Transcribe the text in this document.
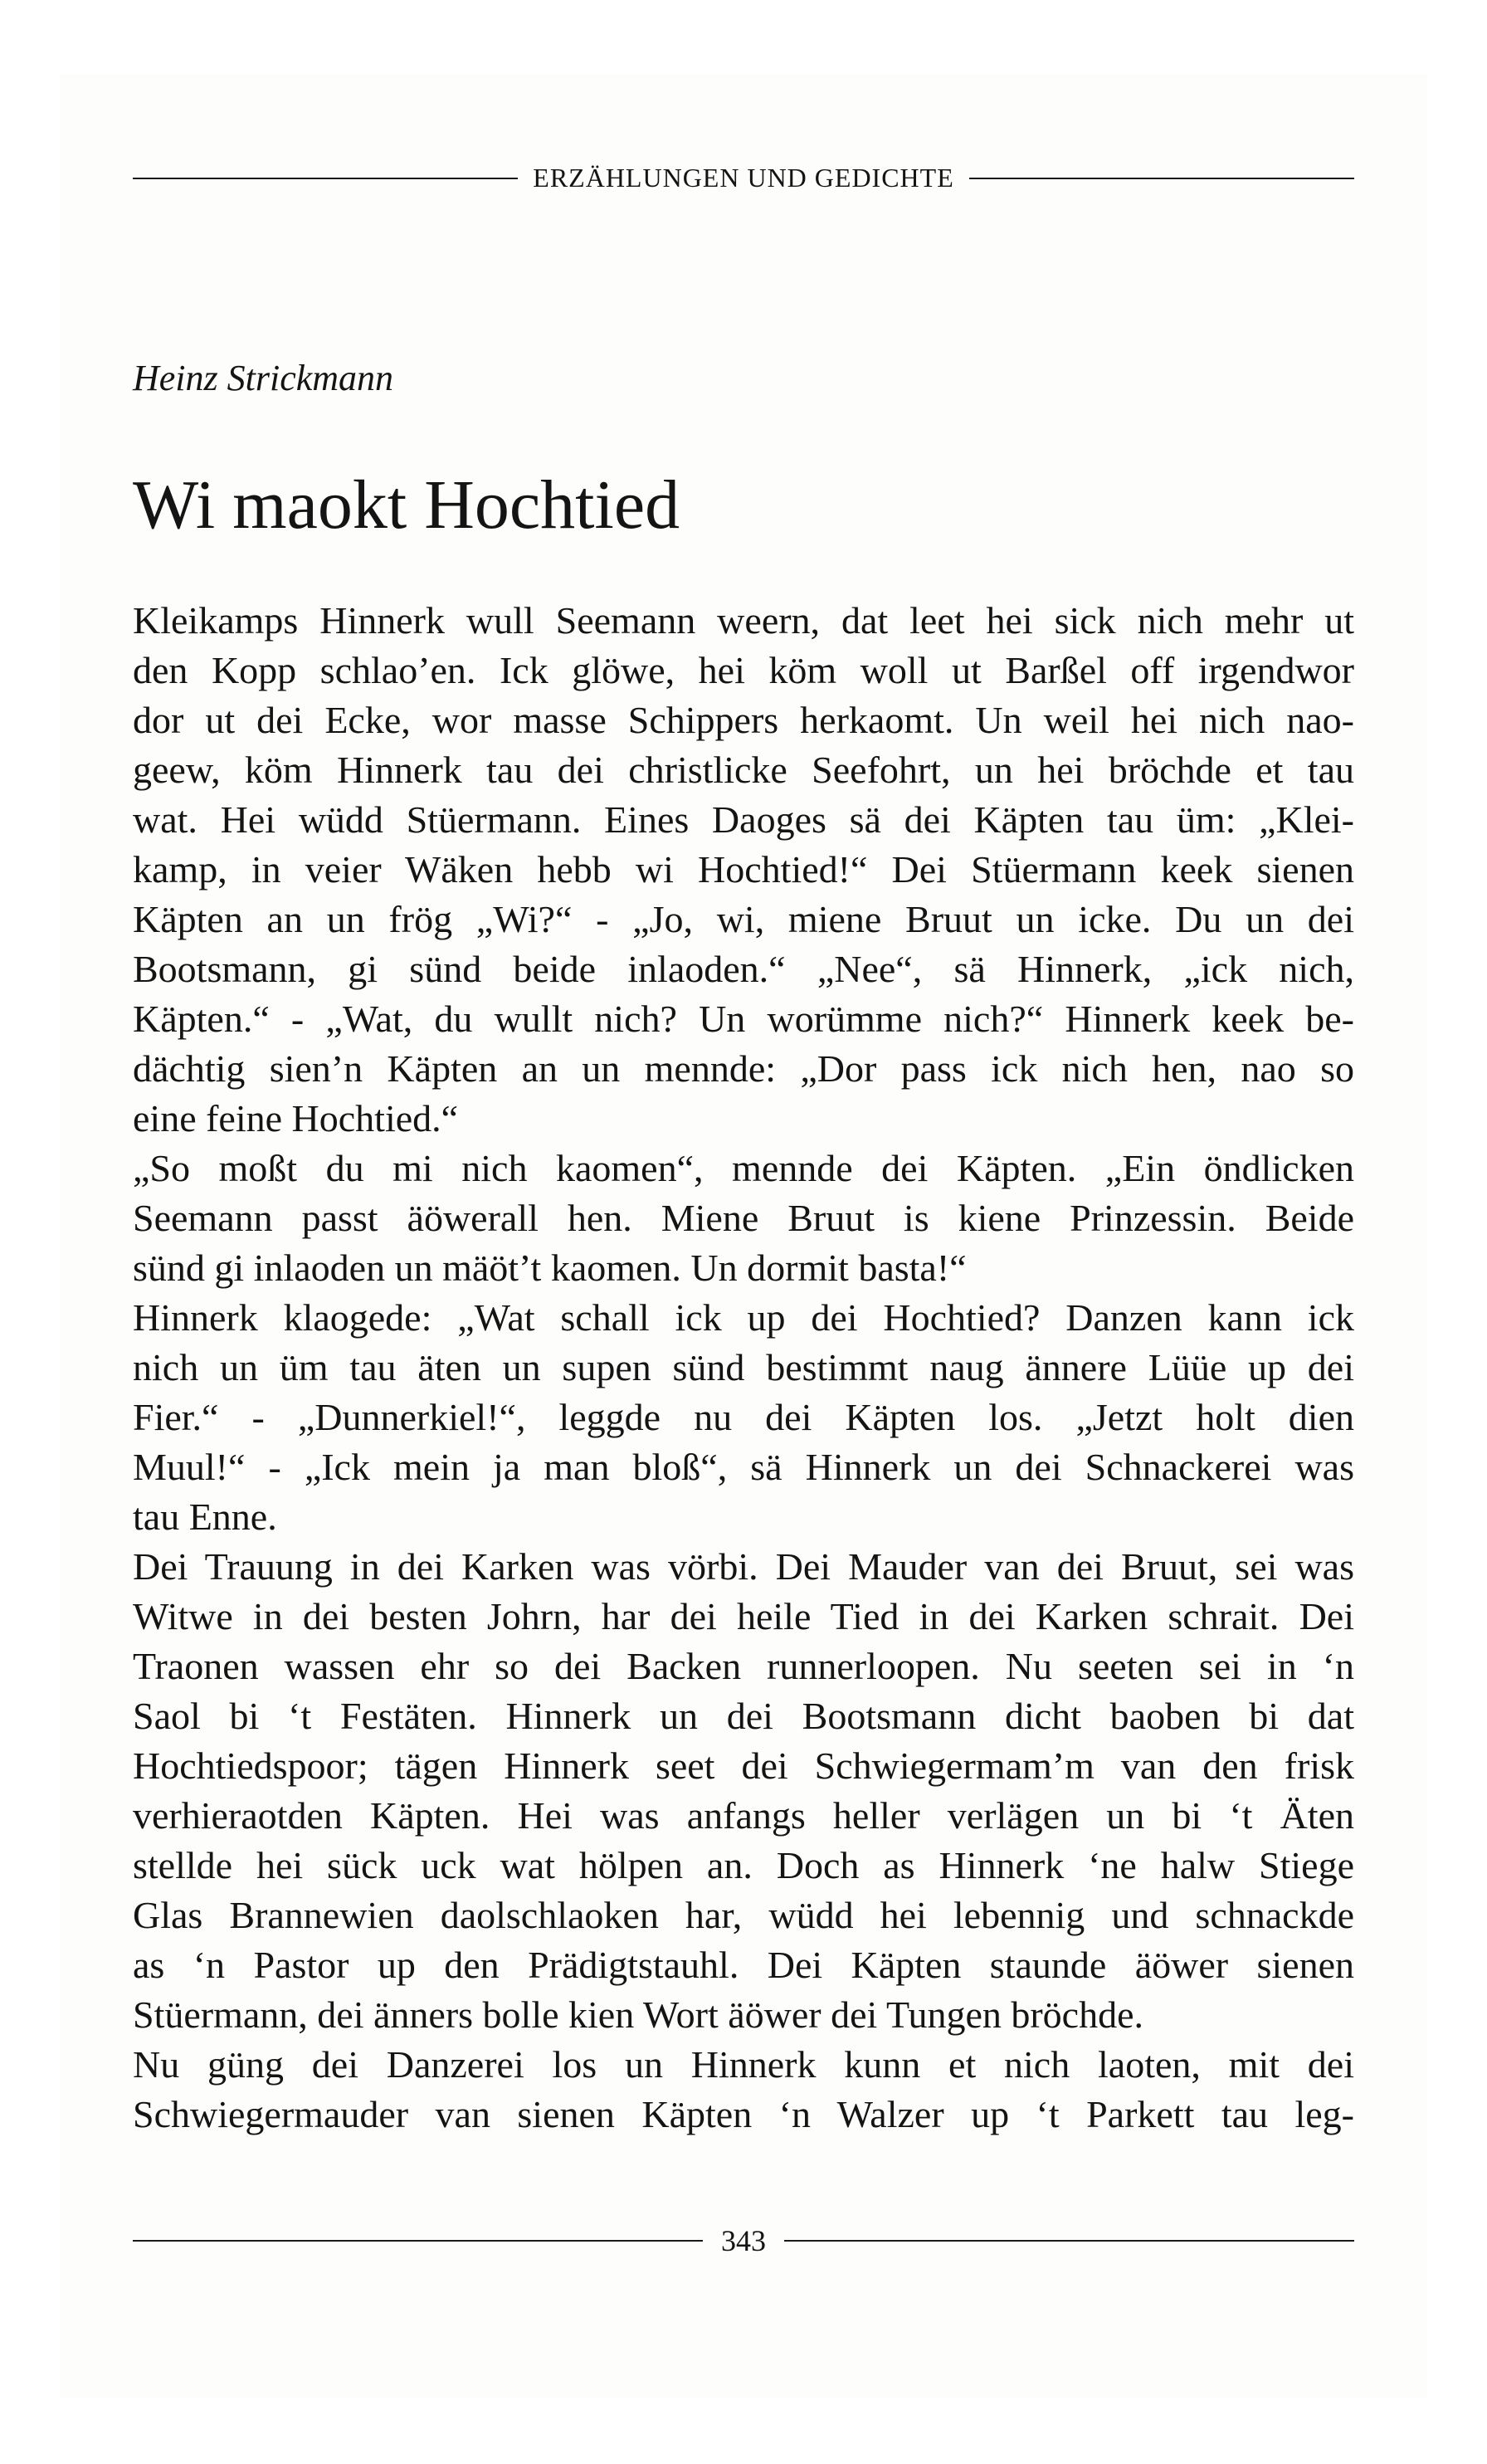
ERZÄHLUNGEN UND GEDICHTE
Heinz Strickmann
Wi maokt Hochtied
Kleikamps Hinnerk wull Seemann weern, dat leet hei sick nich mehr ut
den Kopp schlao’en. Ick glöwe, hei köm woll ut Barßel off irgendwor
dor ut dei Ecke, wor masse Schippers herkaomt. Un weil hei nich nao-
geew, köm Hinnerk tau dei christlicke Seefohrt, un hei bröchde et tau
wat. Hei wüdd Stüermann. Eines Daoges sä dei Käpten tau üm: „Klei-
kamp, in veier Wäken hebb wi Hochtied!“ Dei Stüermann keek sienen
Käpten an un frög „Wi?“ - „Jo, wi, miene Bruut un icke. Du un dei
Bootsmann, gi sünd beide inlaoden.“ „Nee“, sä Hinnerk, „ick nich,
Käpten.“ - „Wat, du wullt nich? Un worümme nich?“ Hinnerk keek be-
dächtig sien’n Käpten an un mennde: „Dor pass ick nich hen, nao so
eine feine Hochtied.“
„So moßt du mi nich kaomen“, mennde dei Käpten. „Ein öndlicken
Seemann passt äöwerall hen. Miene Bruut is kiene Prinzessin. Beide
sünd gi inlaoden un mäöt’t kaomen. Un dormit basta!“
Hinnerk klaogede: „Wat schall ick up dei Hochtied? Danzen kann ick
nich un üm tau äten un supen sünd bestimmt naug ännere Lüüe up dei
Fier.“ - „Dunnerkiel!“, leggde nu dei Käpten los. „Jetzt holt dien
Muul!“ - „Ick mein ja man bloß“, sä Hinnerk un dei Schnackerei was
tau Enne.
Dei Trauung in dei Karken was vörbi. Dei Mauder van dei Bruut, sei was
Witwe in dei besten Johrn, har dei heile Tied in dei Karken schrait. Dei
Traonen wassen ehr so dei Backen runnerloopen. Nu seeten sei in ‘n
Saol bi ‘t Festäten. Hinnerk un dei Bootsmann dicht baoben bi dat
Hochtiedspoor; tägen Hinnerk seet dei Schwiegermam’m van den frisk
verhieraotden Käpten. Hei was anfangs heller verlägen un bi ‘t Äten
stellde hei sück uck wat hölpen an. Doch as Hinnerk ‘ne halw Stiege
Glas Brannewien daolschlaoken har, wüdd hei lebennig und schnackde
as ‘n Pastor up den Prädigtstauhl. Dei Käpten staunde äöwer sienen
Stüermann, dei änners bolle kien Wort äöwer dei Tungen bröchde.
Nu güng dei Danzerei los un Hinnerk kunn et nich laoten, mit dei
Schwiegermauder van sienen Käpten ‘n Walzer up ‘t Parkett tau leg-
343
